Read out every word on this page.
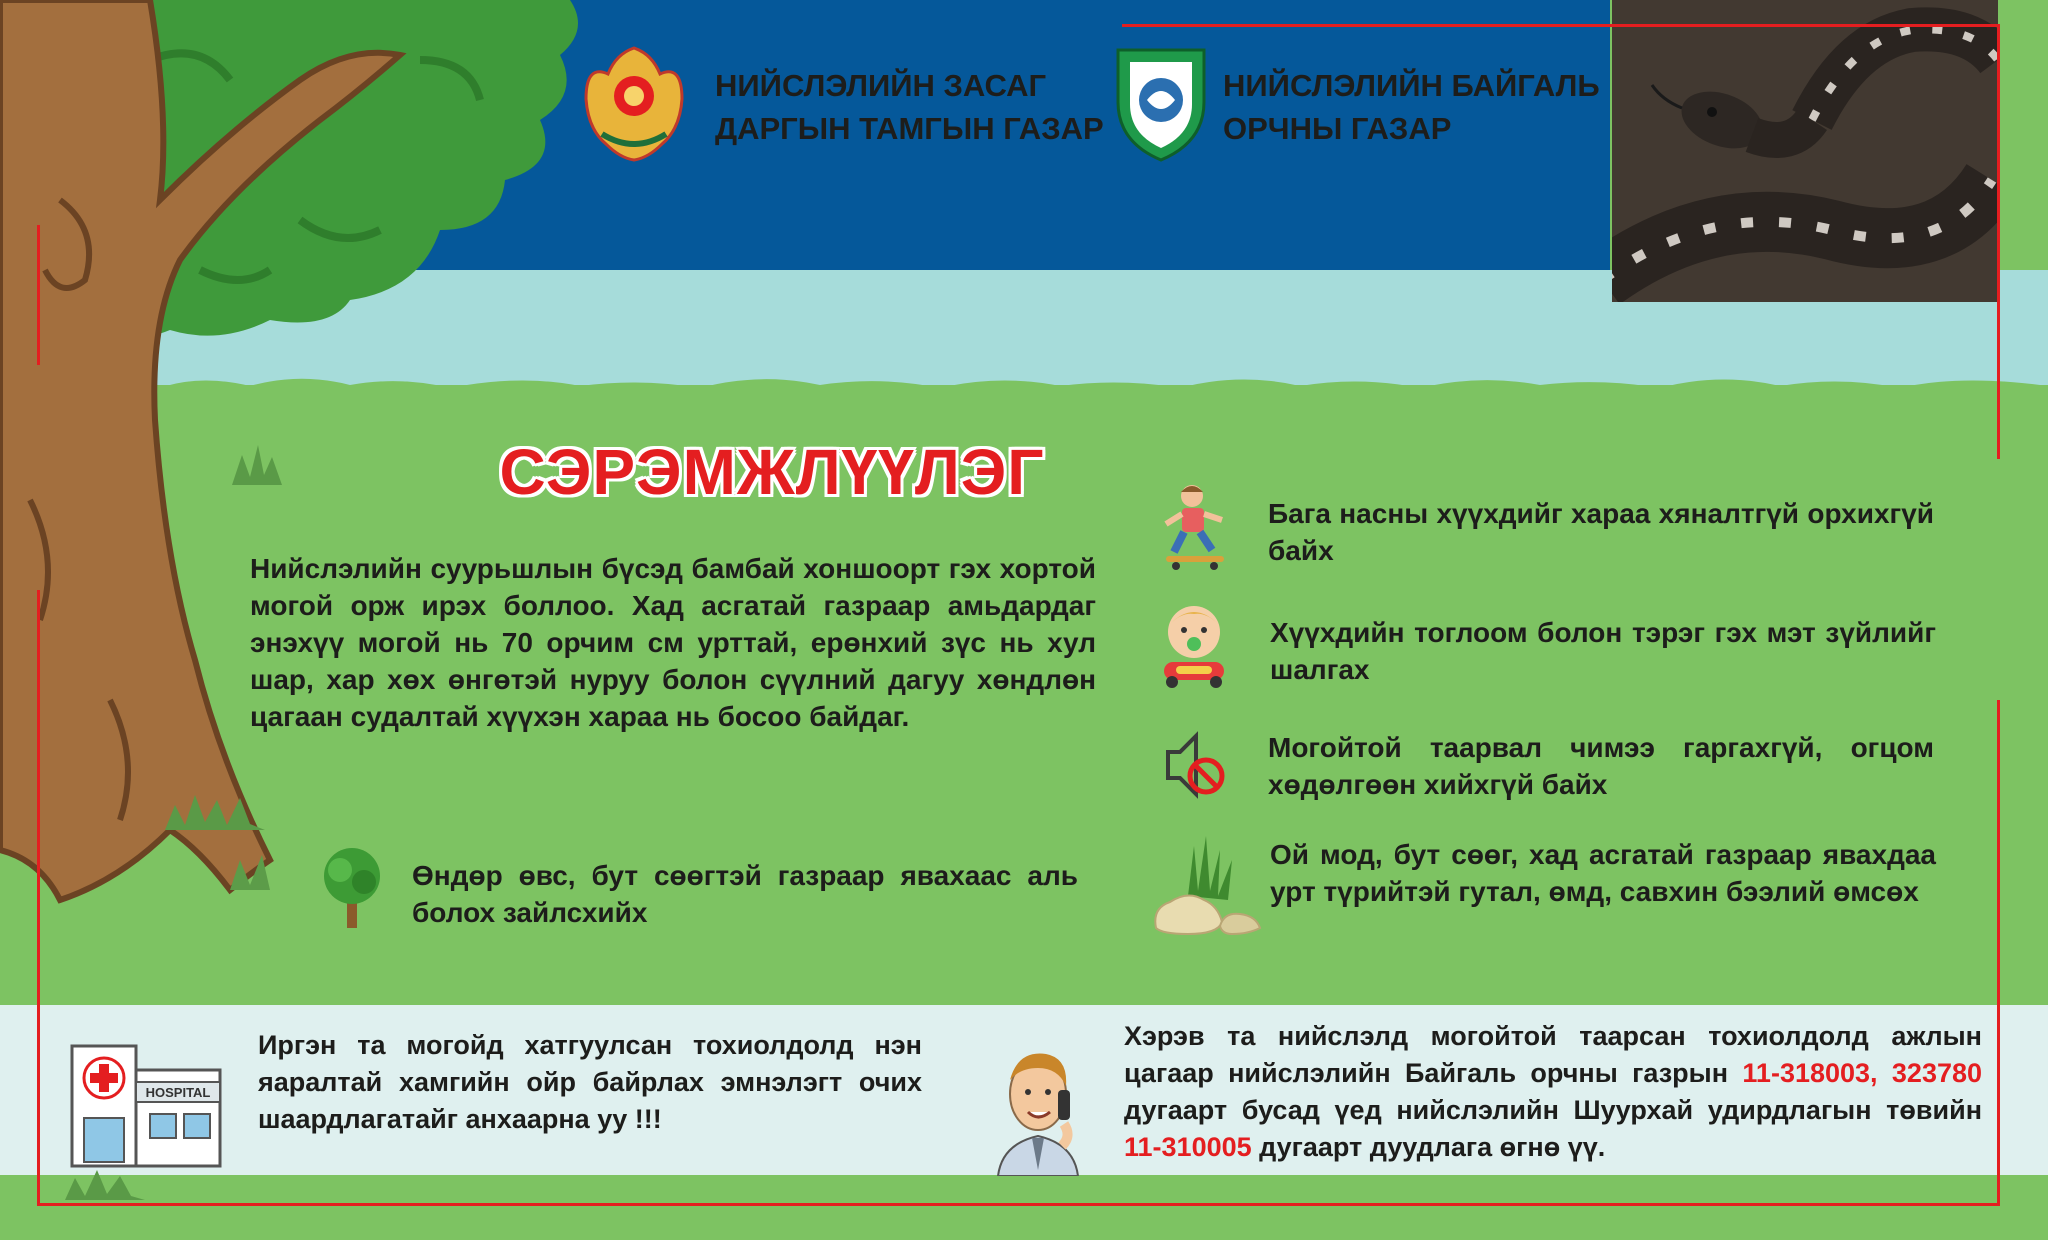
НИЙСЛЭЛИЙН ЗАСАГ
ДАРГЫН ТАМГЫН ГАЗАР
НИЙСЛЭЛИЙН БАЙГАЛЬ
ОРЧНЫ ГАЗАР
СЭРЭМЖЛҮҮЛЭГ
Нийслэлийн суурьшлын бүсэд бамбай хоншоорт гэх хортой могой орж ирэх боллоо. Хад асгатай газраар амьдардаг энэхүү могой нь 70 орчим см урттай, ерөнхий зүс нь хул шар, хар хөх өнгөтэй нуруу болон сүүлний дагуу хөндлөн цагаан судалтай хүүхэн хараа нь босоо байдаг.
Өндөр өвс, бут сөөгтэй газраар явахаас аль болох зайлсхийх
Бага насны хүүхдийг хараа хяналтгүй орхихгүй байх
Хүүхдийн тоглоом болон тэрэг гэх мэт зүйлийг шалгах
Могойтой таарвал чимээ гаргахгүй, огцом хөдөлгөөн хийхгүй байх
Ой мод, бут сөөг, хад асгатай газраар явахдаа урт түрийтэй гутал, өмд, савхин бээлий өмсөх
HOSPITAL
Иргэн та могойд хатгуулсан тохиолдолд нэн яаралтай хамгийн ойр байрлах эмнэлэгт очих шаардлагатайг анхаарна уу !!!
Хэрэв та нийслэлд могойтой таарсан тохиолдолд ажлын цагаар нийслэлийн Байгаль орчны газрын 11-318003, 323780 дугаарт бусад үед нийслэлийн Шуурхай удирдлагын төвийн 11-310005 дугаарт дуудлага өгнө үү.
